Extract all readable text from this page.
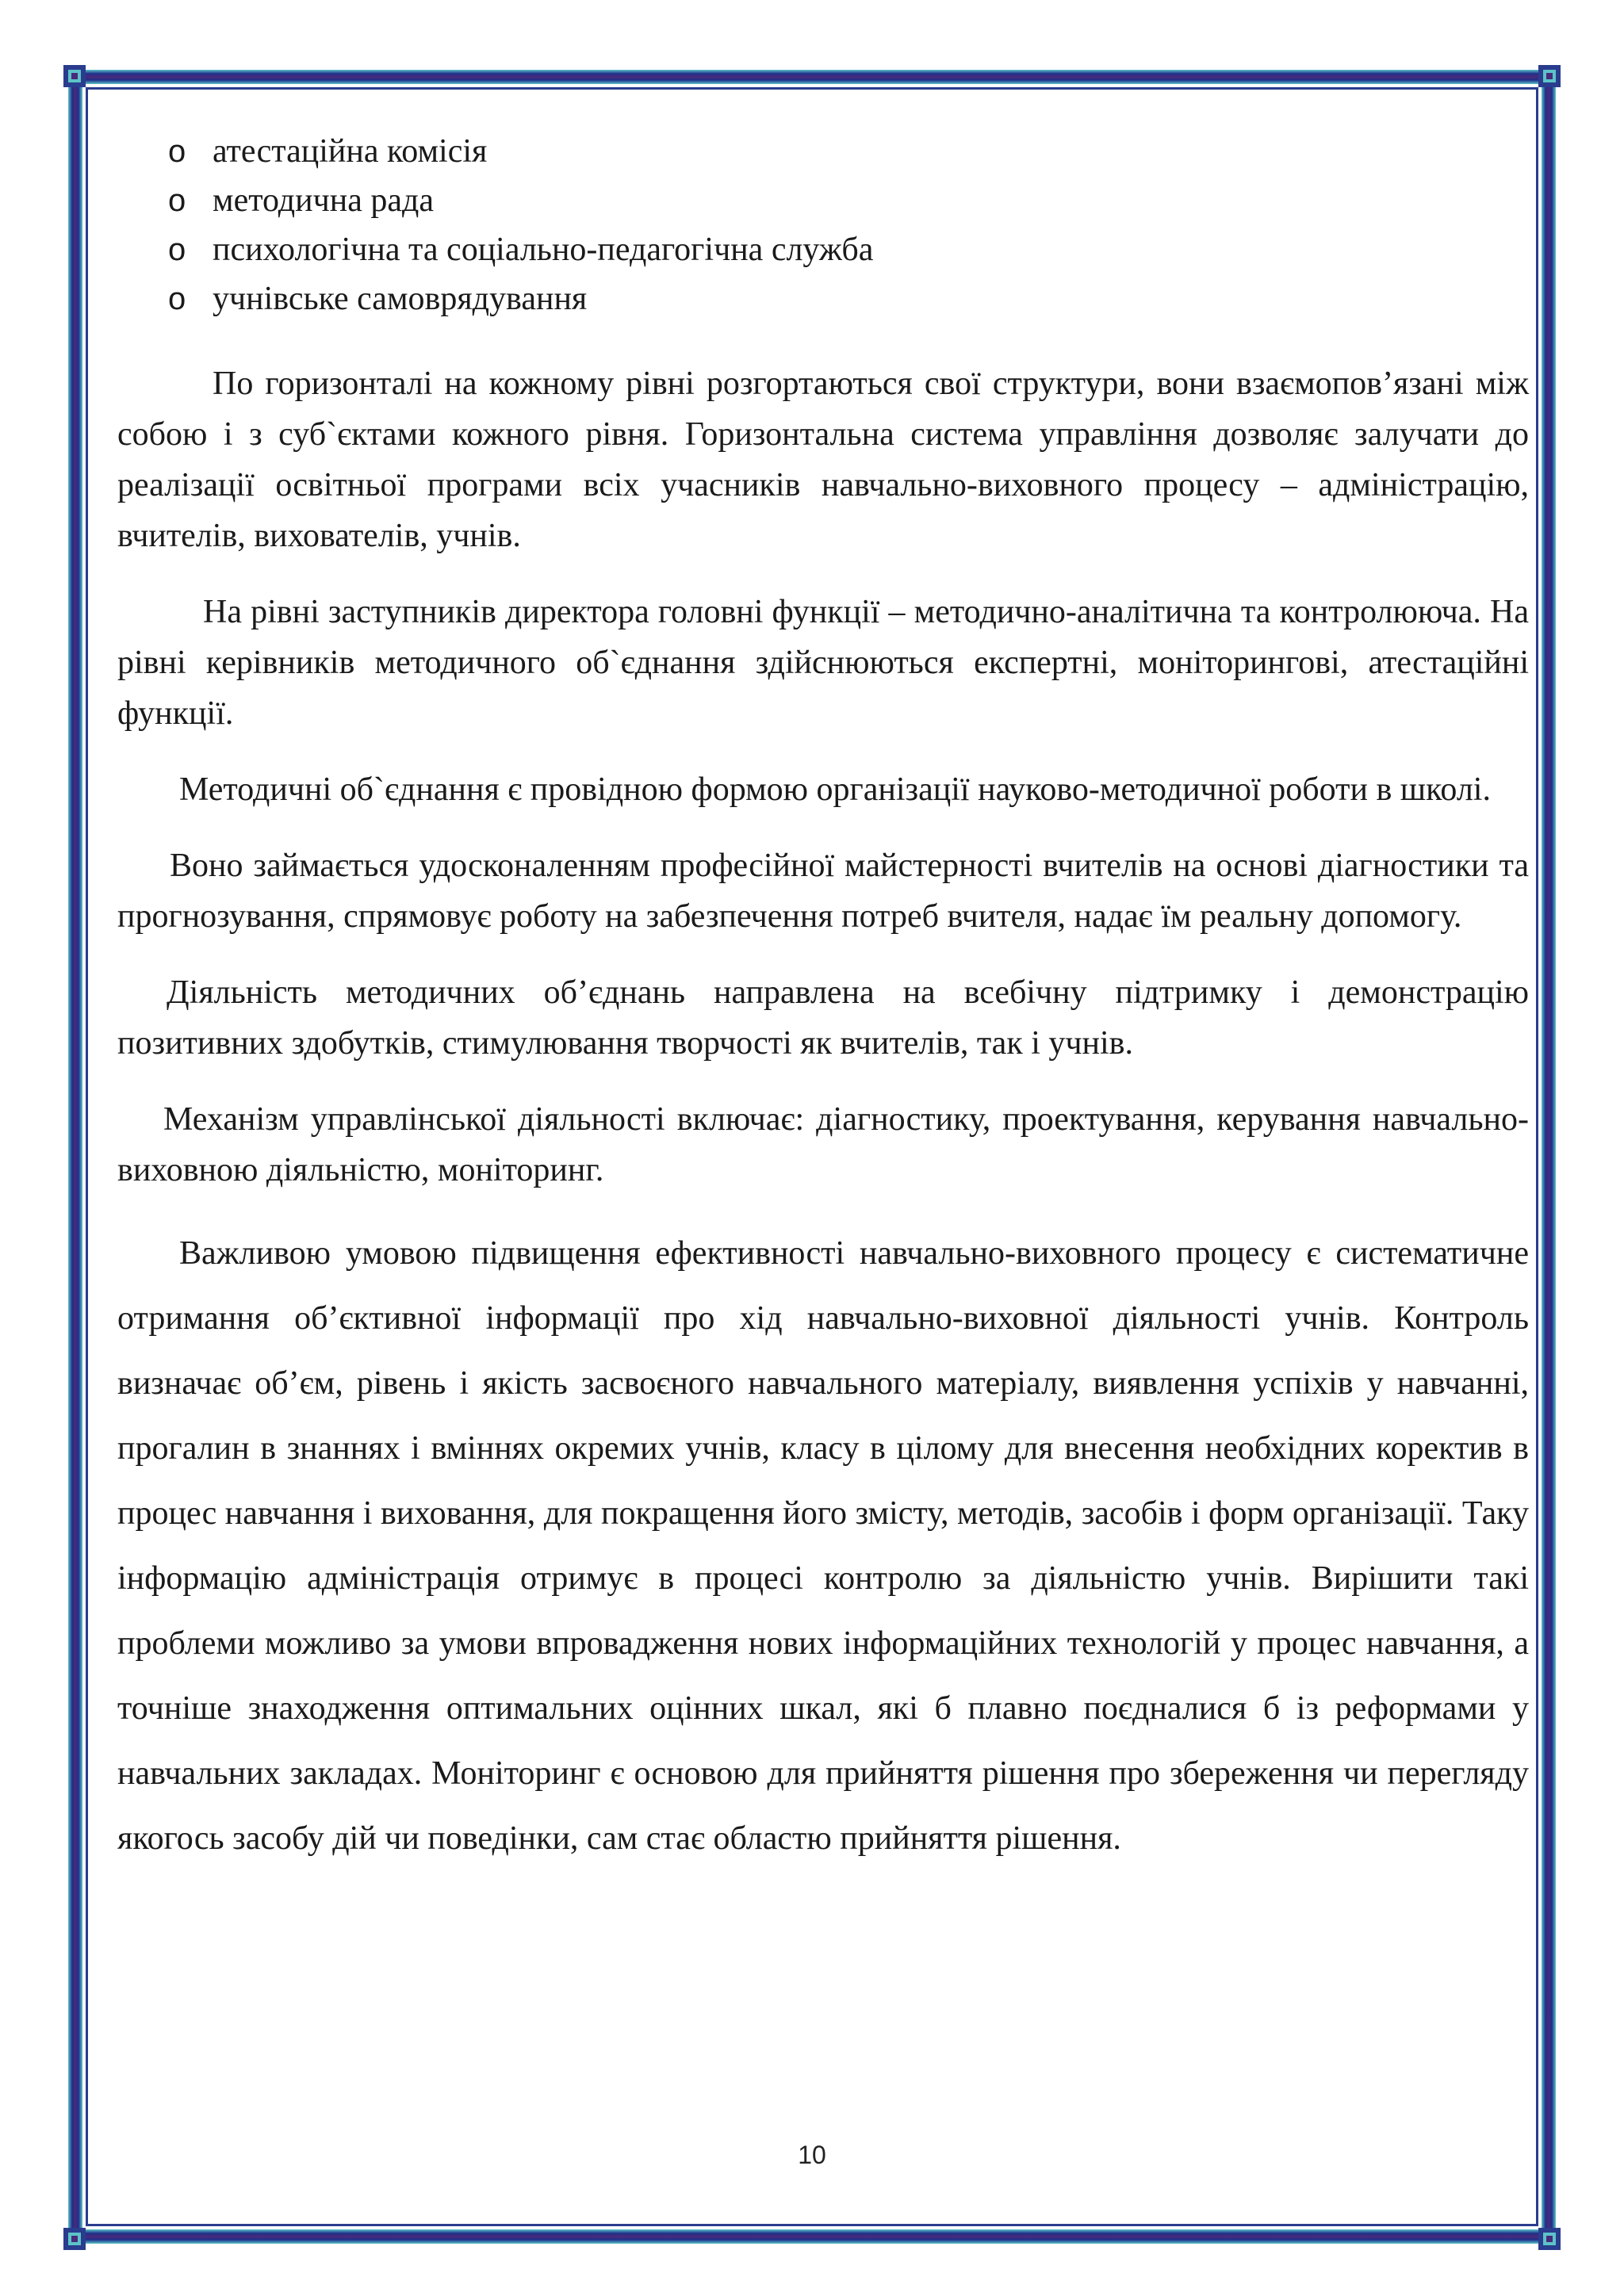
o атестаційна комісія
o методична рада
o психологічна та соціально-педагогічна служба
o учнівське самоврядування

По горизонталі на кожному рівні розгортаються свої структури, вони взаємопов’язані між собою і з суб`єктами кожного рівня. Горизонтальна система управління дозволяє залучати до реалізації освітньої програми всіх учасників навчально-виховного процесу – адміністрацію, вчителів, вихователів, учнів.

На рівні заступників директора головні функції – методично-аналітична та контролююча. На рівні керівників методичного об`єднання здійснюються експертні, моніторингові, атестаційні функції.

Методичні об`єднання є провідною формою організації науково-методичної роботи в школі.

Воно займається удосконаленням професійної майстерності вчителів на основі діагностики та прогнозування, спрямовує роботу на забезпечення потреб вчителя, надає їм реальну допомогу.

Діяльність методичних об’єднань направлена на всебічну підтримку і демонстрацію позитивних здобутків, стимулювання творчості як вчителів, так і учнів.

Механізм управлінської діяльності включає: діагностику, проектування, керування навчально-виховною діяльністю, моніторинг.

Важливою умовою підвищення ефективності навчально-виховного процесу є систематичне отримання об’єктивної інформації про хід навчально-виховної діяльності учнів. Контроль визначає об’єм, рівень і якість засвоєного навчального матеріалу, виявлення успіхів у навчанні, прогалин в знаннях і вміннях окремих учнів, класу в цілому для внесення необхідних коректив в процес навчання і виховання, для покращення його змісту, методів, засобів і форм організації. Таку інформацію адміністрація отримує в процесі контролю за діяльністю учнів. Вирішити такі проблеми можливо за умови впровадження нових інформаційних технологій у процес навчання, а точніше знаходження оптимальних оцінних шкал, які б плавно поєдналися б із реформами у навчальних закладах. Моніторинг є основою для прийняття рішення про збереження чи перегляду якогось засобу дій чи поведінки, сам стає областю прийняття рішення.

10
